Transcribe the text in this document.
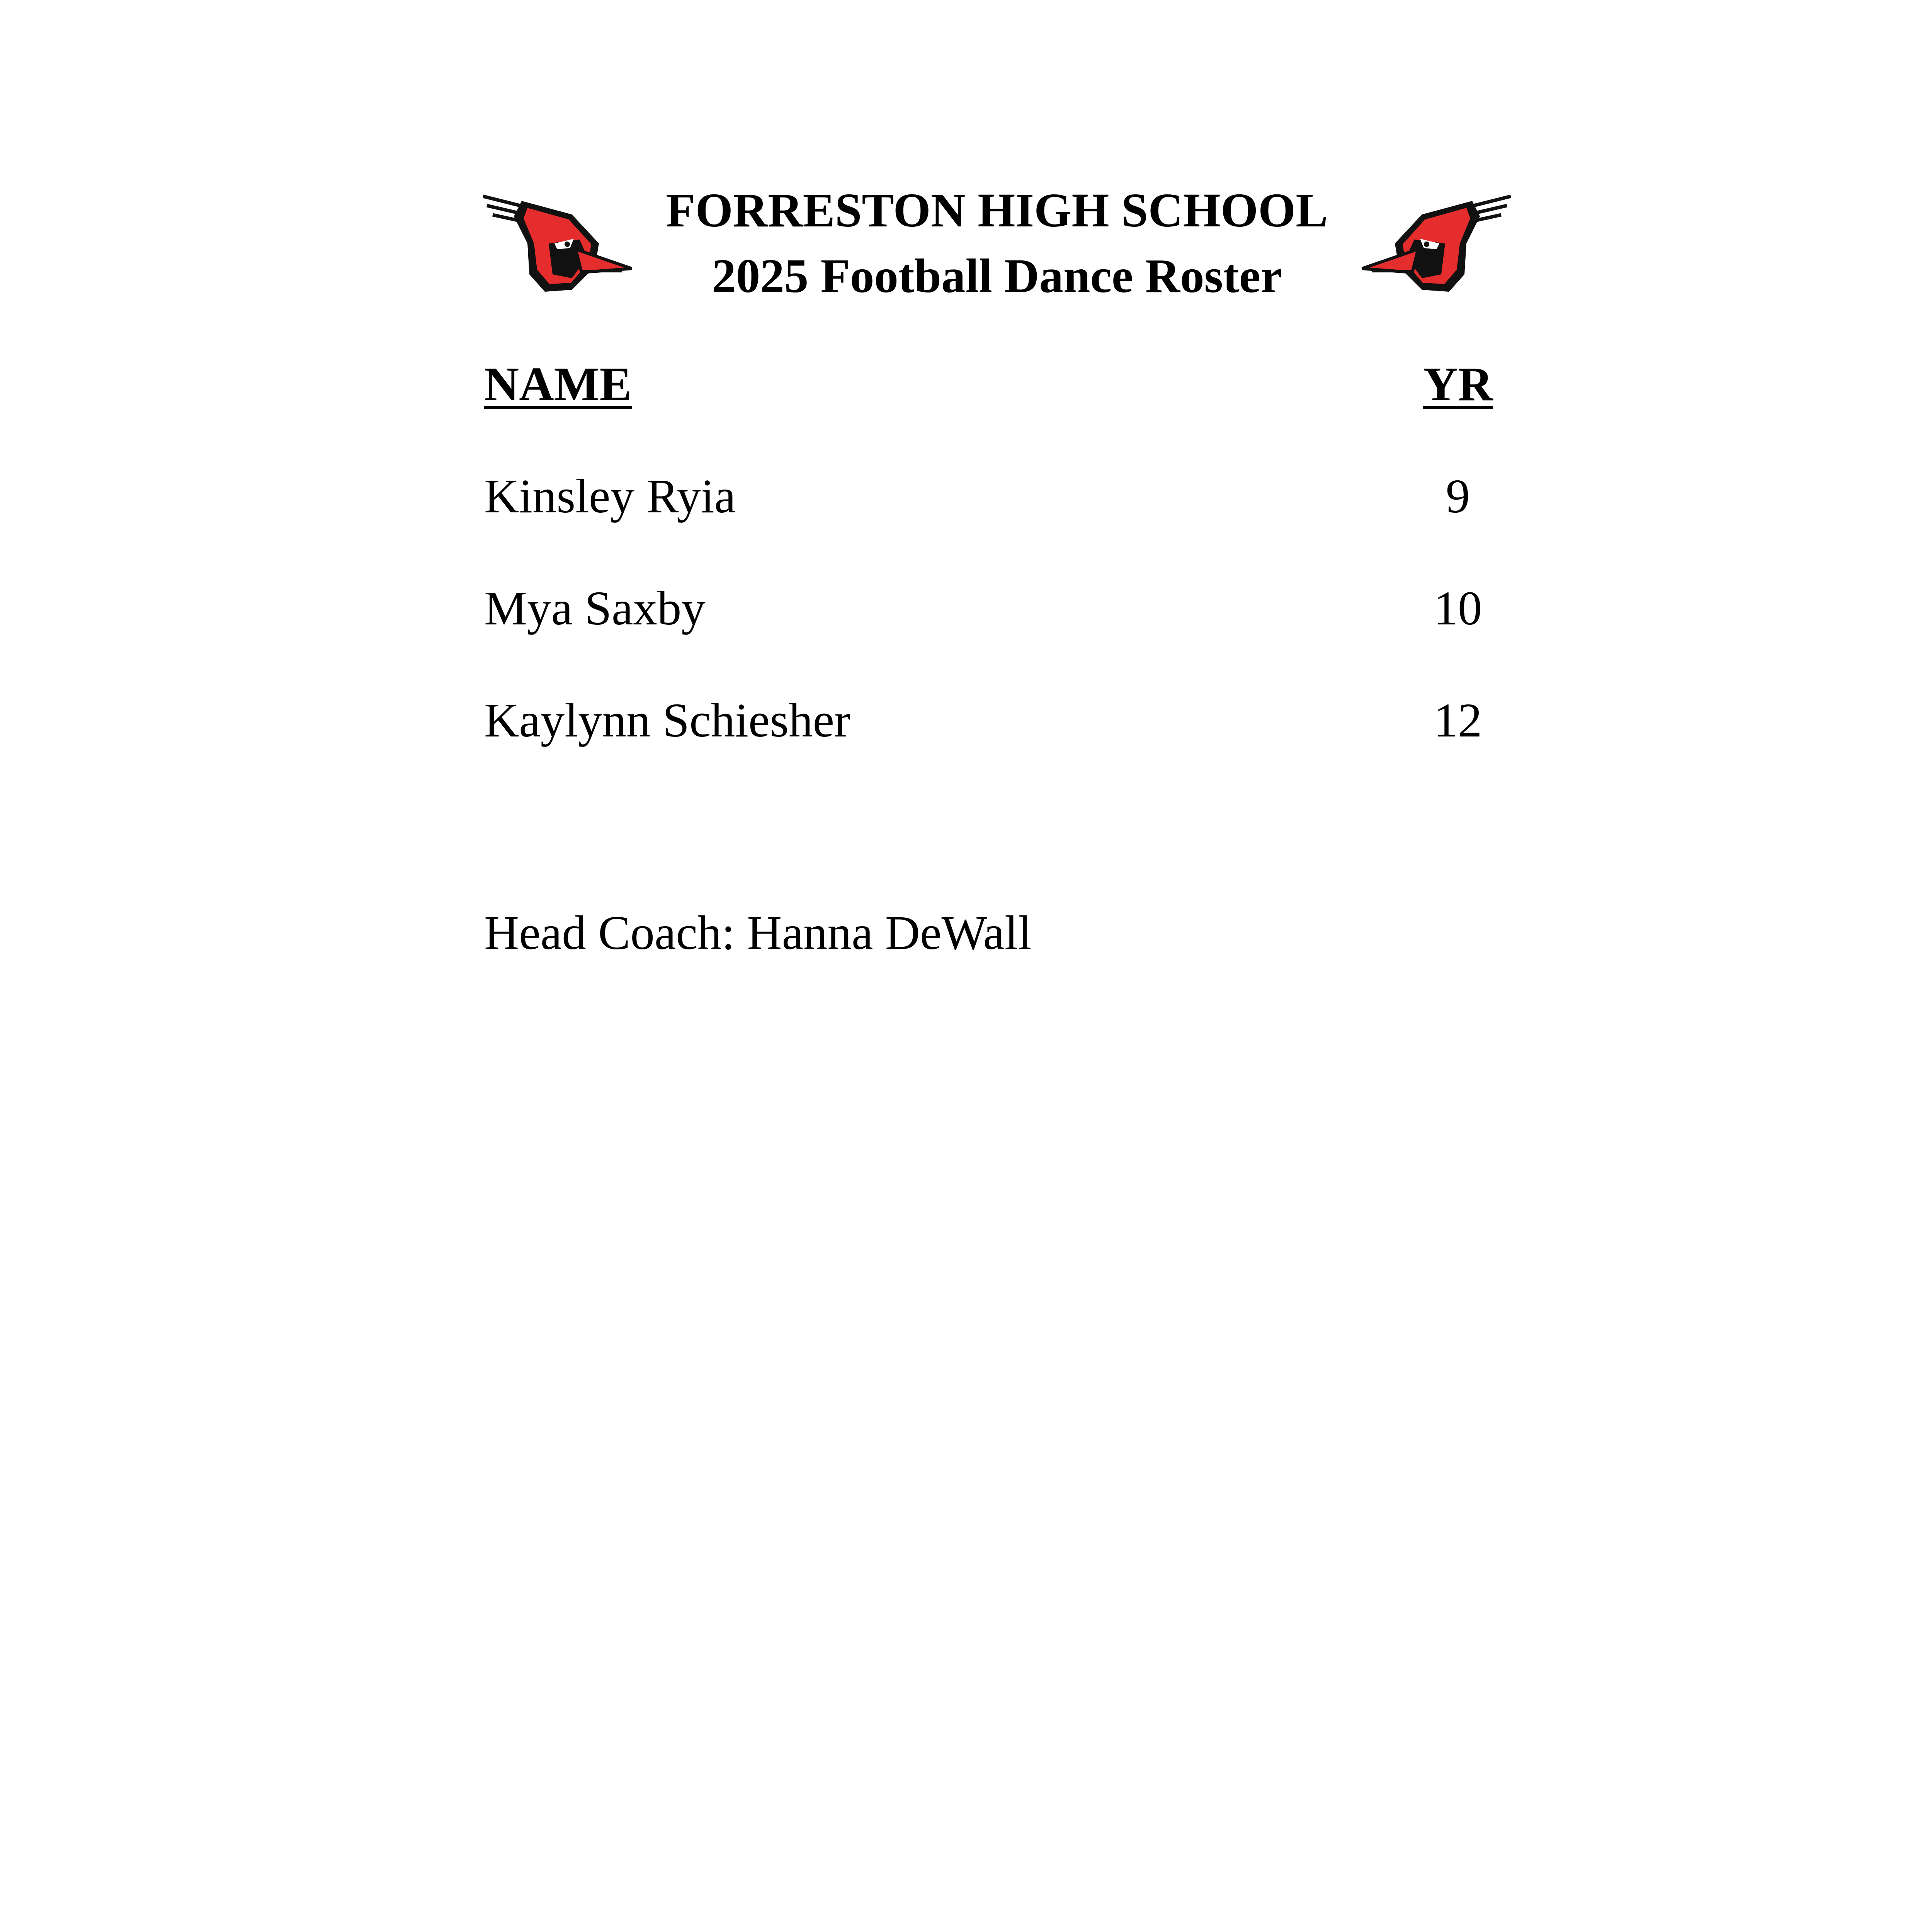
FORRESTON HIGH SCHOOL
2025 Football Dance Roster
NAME	YR
Kinsley Ryia	9
Mya Saxby	10
Kaylynn Schiesher	12
Head Coach: Hanna DeWall
